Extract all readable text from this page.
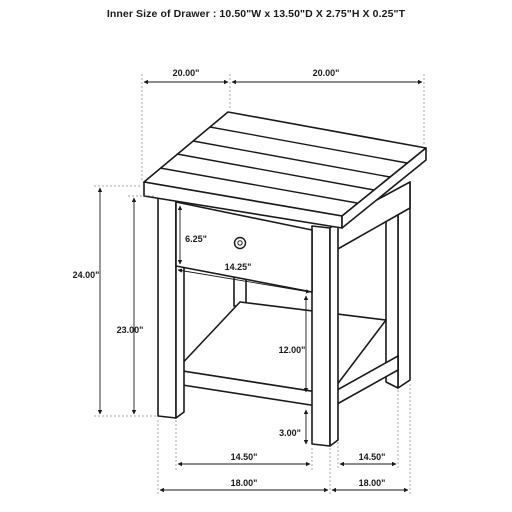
Inner Size of Drawer : 10.50"W x 13.50"D X 2.75"H X 0.25"T
20.00"	20.00"
24.00"
23.00"
6.25"
14.25"
12.00"
3.00"
14.50"	14.50"
18.00"	18.00"
